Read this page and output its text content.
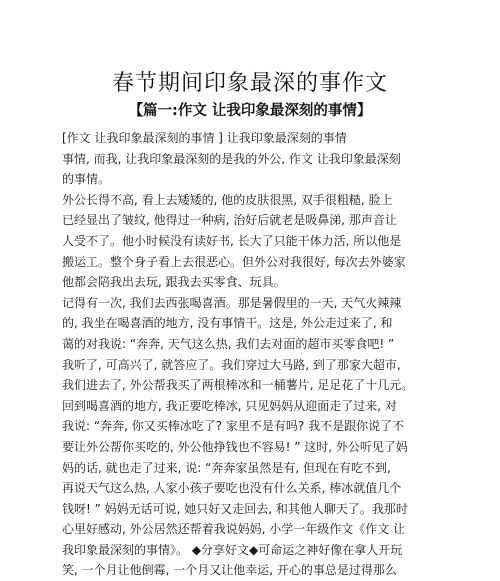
春节期间印象最深的事作文
【篇一:作文 让我印象最深刻的事情】
[作文 让我印象最深刻的事情 ] 让我印象最深刻的事情
事情, 而我, 让我印象最深刻的是我的外公, 作文 让我印象最深刻
的事情。
外公长得不高, 看上去矮矮的, 他的皮肤很黑, 双手很粗糙, 脸上
已经显出了皱纹, 他得过一种病, 治好后就老是吸鼻涕, 那声音让
人受不了。他小时候没有读好书, 长大了只能干体力活, 所以他是
搬运工。整个身子看上去很恶心。但外公对我很好, 每次去外婆家
他都会陪我出去玩, 跟我去买零食、玩具。
记得有一次, 我们去西张喝喜酒。那是暑假里的一天, 天气火辣辣
的, 我坐在喝喜酒的地方, 没有事情干。这是, 外公走过来了, 和
蔼的对我说: “奔奔, 天气这么热, 我们去对面的超市买零食吧! ”
我听了, 可高兴了, 就答应了。我们穿过大马路, 到了那家大超市,
我们进去了, 外公帮我买了两根棒冰和一桶薯片, 足足花了十几元。
回到喝喜酒的地方, 我正要吃棒冰, 只见妈妈从迎面走了过来, 对
我说: “奔奔, 你又买棒冰吃了? 家里不是有吗? 我不是跟你说了不
要让外公帮你买吃的, 外公他挣钱也不容易! ” 这时, 外公听见了妈
妈的话, 就也走了过来, 说: “奔奔家虽然是有, 但现在有吃不到,
再说天气这么热, 人家小孩子要吃也没有什么关系, 棒冰就值几个
钱呀! ” 妈妈无话可说, 她只好又走回去, 和其他人聊天了。我那时
心里好感动, 外公居然还帮着我说妈妈, 小学一年级作文《作文 让
我印象最深刻的事情》。 ◆分享好文◆可命运之神好像在拿人开玩
笑, 一个月让他倒霉, 一个月又让他幸运, 开心的事总是过得那么
